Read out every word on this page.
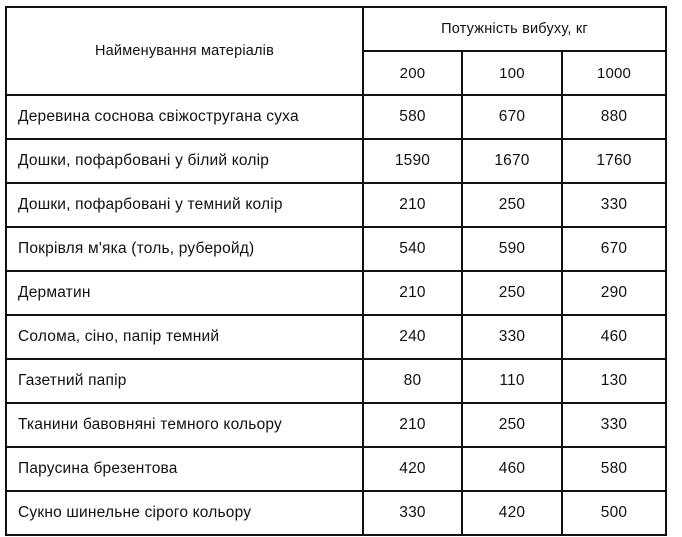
Найменування матеріалів	Потужність вибуху, кг		
	200	100	1000
Деревина соснова свіжостругана суха	580	670	880
Дошки, пофарбовані у білий колір	1590	1670	1760
Дошки, пофарбовані у темний колір	210	250	330
Покрівля м'яка (толь, руберойд)	540	590	670
Дерматин	210	250	290
Солома, сіно, папір темний	240	330	460
Газетний папір	80	110	130
Тканини бавовняні темного кольору	210	250	330
Парусина брезентова	420	460	580
Сукно шинельне сірого кольору	330	420	500
